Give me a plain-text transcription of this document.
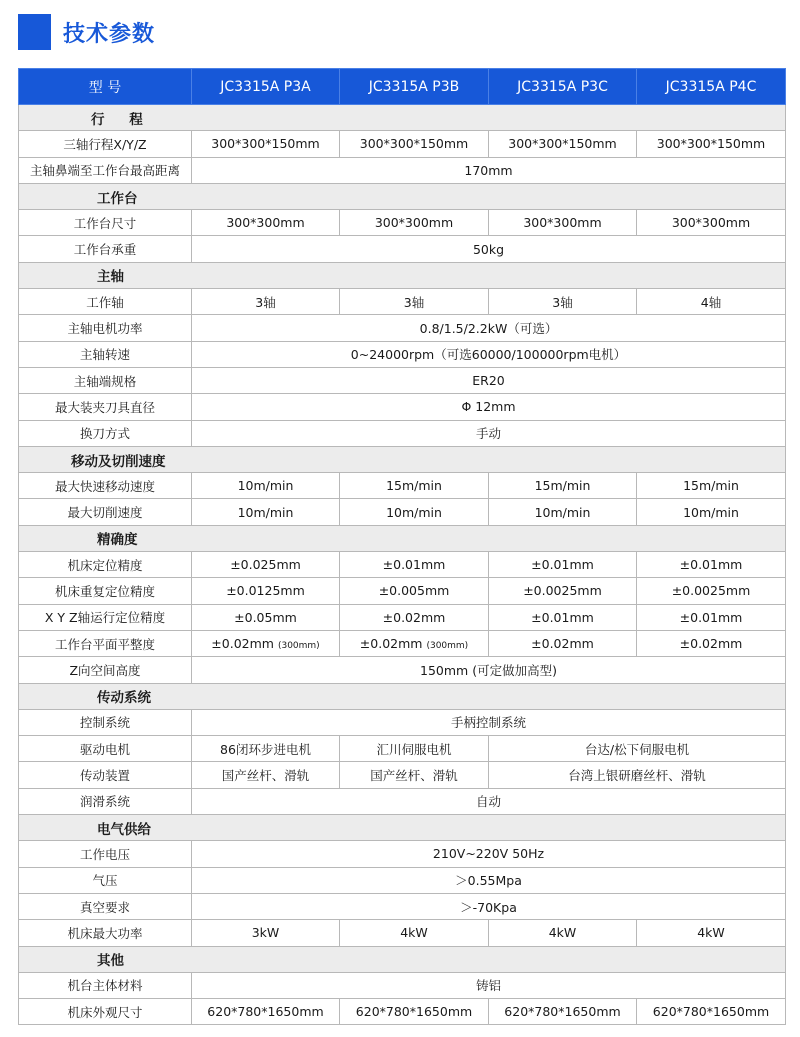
技术参数
型 号	JC3315A P3A	JC3315A P3B	JC3315A P3C	JC3315A P4C
行 程				
三轴行程X/Y/Z	300*300*150mm	300*300*150mm	300*300*150mm	300*300*150mm
主轴鼻端至工作台最高距离	170mm			
工作台				
工作台尺寸	300*300mm	300*300mm	300*300mm	300*300mm
工作台承重	50kg			
主轴				
工作轴	3轴	3轴	3轴	4轴
主轴电机功率	0.8/1.5/2.2kW（可选）			
主轴转速	0~24000rpm（可选60000/100000rpm电机）			
主轴端规格	ER20			
最大装夹刀具直径	Φ 12mm			
换刀方式	手动			
移动及切削速度				
最大快速移动速度	10m/min	15m/min	15m/min	15m/min
最大切削速度	10m/min	10m/min	10m/min	10m/min
精确度				
机床定位精度	±0.025mm	±0.01mm	±0.01mm	±0.01mm
机床重复定位精度	±0.0125mm	±0.005mm	±0.0025mm	±0.0025mm
X Y Z轴运行定位精度	±0.05mm	±0.02mm	±0.01mm	±0.01mm
工作台平面平整度	±0.02mm (300mm)	±0.02mm (300mm)	±0.02mm	±0.02mm
Z向空间高度	150mm (可定做加高型)			
传动系统				
控制系统	手柄控制系统			
驱动电机	86闭环步进电机	汇川伺服电机	台达/松下伺服电机	
传动装置	国产丝杆、滑轨	国产丝杆、滑轨	台湾上银研磨丝杆、滑轨	
润滑系统	自动			
电气供给				
工作电压	210V~220V 50Hz			
气压	＞0.55Mpa			
真空要求	＞-70Kpa			
机床最大功率	3kW	4kW	4kW	4kW
其他				
机台主体材料	铸铝			
机床外观尺寸	620*780*1650mm	620*780*1650mm	620*780*1650mm	620*780*1650mm
